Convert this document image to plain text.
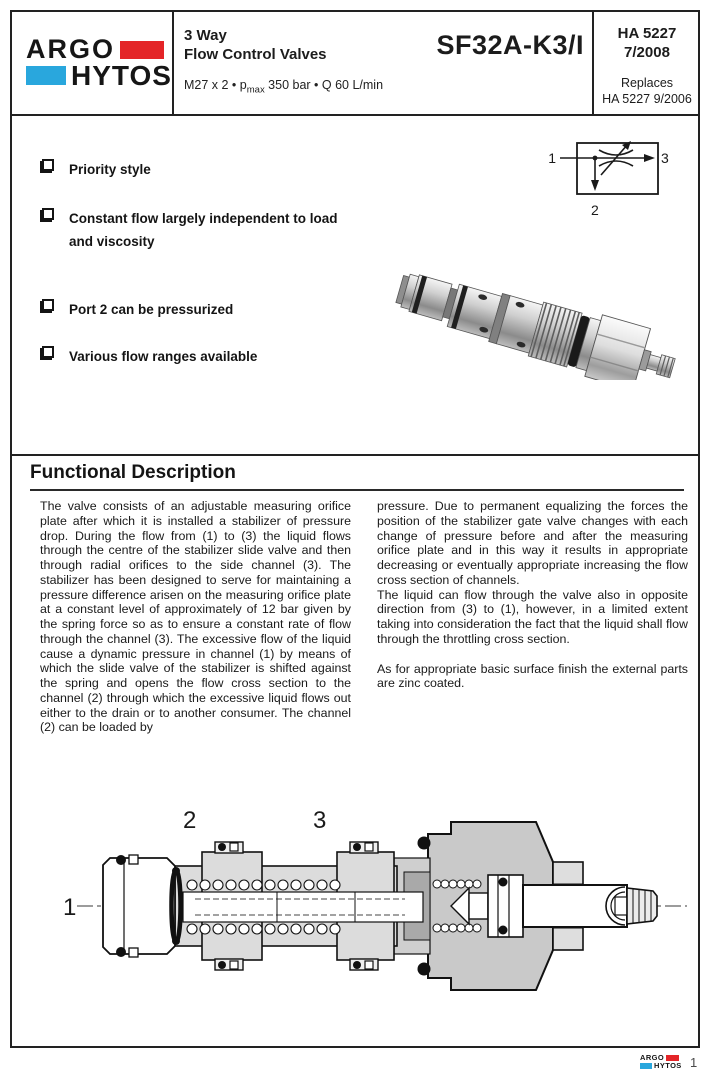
ARGO
HYTOS
3 Way
Flow Control Valves
M27 x 2 • $p_{max}$ 350 bar • Q 60 L/min
SF32A-K3/I	HA 5227
7/2008
Replaces
HA 5227 9/2006
Priority style
Constant flow largely independent to load and viscosity
Port 2 can be pressurized
Various flow ranges available
1	3
2
Functional Description

The valve consists of an adjustable measuring orifice plate after which it is installed a stabilizer of pressure drop. During the flow from (1) to (3) the liquid flows through the centre of the stabilizer slide valve and then through radial orifices to the side channel (3). The stabilizer has been designed to serve for maintaining a pressure difference arisen on the measuring orifice plate at a constant level of approximately of 12 bar given by the spring force so as to ensure a constant rate of flow through the channel (3). The excessive flow of the liquid cause a dynamic pressure in channel (1) by means of which the slide valve of the stabilizer is shifted against the spring and opens the flow cross section to the channel (2) through which the excessive liquid flows out either to the drain or to another consumer. The channel (2) can be loaded by

pressure. Due to permanent equalizing the forces the position of the stabilizer gate valve changes with each change of pressure before and after the measuring orifice plate and in this way it results in appropriate decreasing or eventually appropriate increasing the flow cross section of channels.

The liquid can flow through the valve also in opposite direction from (3) to (1), however, in a limited extent taking into consideration the fact that the liquid shall flow through the throttling cross section.

As for appropriate basic surface finish the external parts are zinc coated.

1
2	3
ARGO
HYTOS 1
